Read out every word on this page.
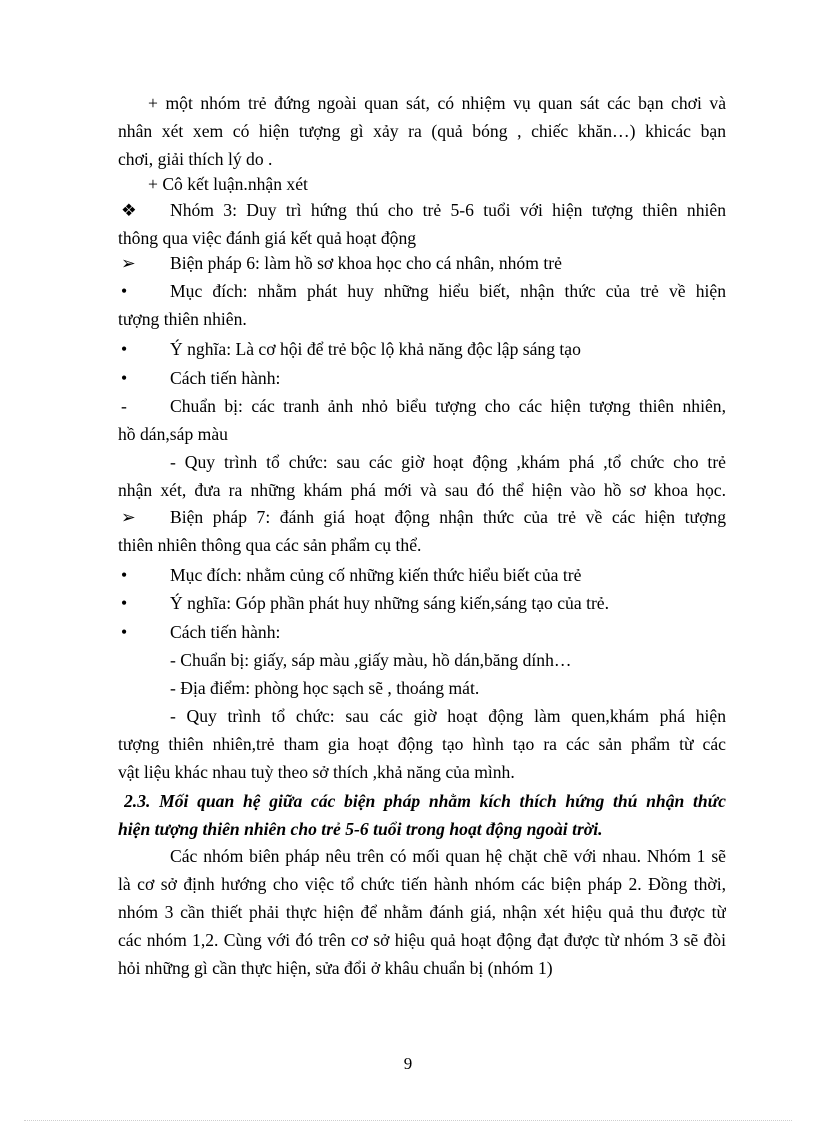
+ một nhóm trẻ đứng ngoài quan sát, có nhiệm vụ quan sát các bạn chơi và
nhân xét xem có hiện tượng gì xảy ra (quả bóng , chiếc khăn…) khicác bạn
chơi, giải thích lý do .
+ Cô kết luận.nhận xét
❖ Nhóm 3: Duy trì hứng thú cho trẻ 5-6 tuổi với hiện tượng thiên nhiên
thông qua việc đánh giá kết quả hoạt động
➢ Biện pháp 6: làm hồ sơ khoa học cho cá nhân, nhóm trẻ
• Mục đích: nhằm phát huy những hiểu biết, nhận thức của trẻ về hiện
tượng thiên nhiên.
• Ý nghĩa: Là cơ hội để trẻ bộc lộ khả năng độc lập sáng tạo
• Cách tiến hành:
- Chuẩn bị: các tranh ảnh nhỏ biểu tượng cho các hiện tượng thiên nhiên,
hồ dán,sáp màu
- Quy trình tổ chức: sau các giờ hoạt động ,khám phá ,tổ chức cho trẻ
nhận xét, đưa ra những khám phá mới và sau đó thể hiện vào hồ sơ khoa học.
➢ Biện pháp 7: đánh giá hoạt động nhận thức của trẻ về các hiện tượng
thiên nhiên thông qua các sản phẩm cụ thể.
• Mục đích: nhằm củng cố những kiến thức hiểu biết của trẻ
• Ý nghĩa: Góp phần phát huy những sáng kiến,sáng tạo của trẻ.
• Cách tiến hành:
- Chuẩn bị: giấy, sáp màu ,giấy màu, hồ dán,băng dính…
- Địa điểm: phòng học sạch sẽ , thoáng mát.
- Quy trình tổ chức: sau các giờ hoạt động làm quen,khám phá hiện
tượng thiên nhiên,trẻ tham gia hoạt động tạo hình tạo ra các sản phẩm từ các
vật liệu khác nhau tuỳ theo sở thích ,khả năng của mình.
2.3. Mối quan hệ giữa các biện pháp nhằm kích thích hứng thú nhận thức
hiện tượng thiên nhiên cho trẻ 5-6 tuổi trong hoạt động ngoài trời.
Các nhóm biên pháp nêu trên có mối quan hệ chặt chẽ với nhau. Nhóm 1 sẽ
là cơ sở định hướng cho việc tổ chức tiến hành nhóm các biện pháp 2. Đồng thời,
nhóm 3 cần thiết phải thực hiện để nhằm đánh giá, nhận xét hiệu quả thu được từ
các nhóm 1,2. Cùng với đó trên cơ sở hiệu quả hoạt động đạt được từ nhóm 3 sẽ đòi
hỏi những gì cần thực hiện, sửa đổi ở khâu chuẩn bị (nhóm 1)
9
